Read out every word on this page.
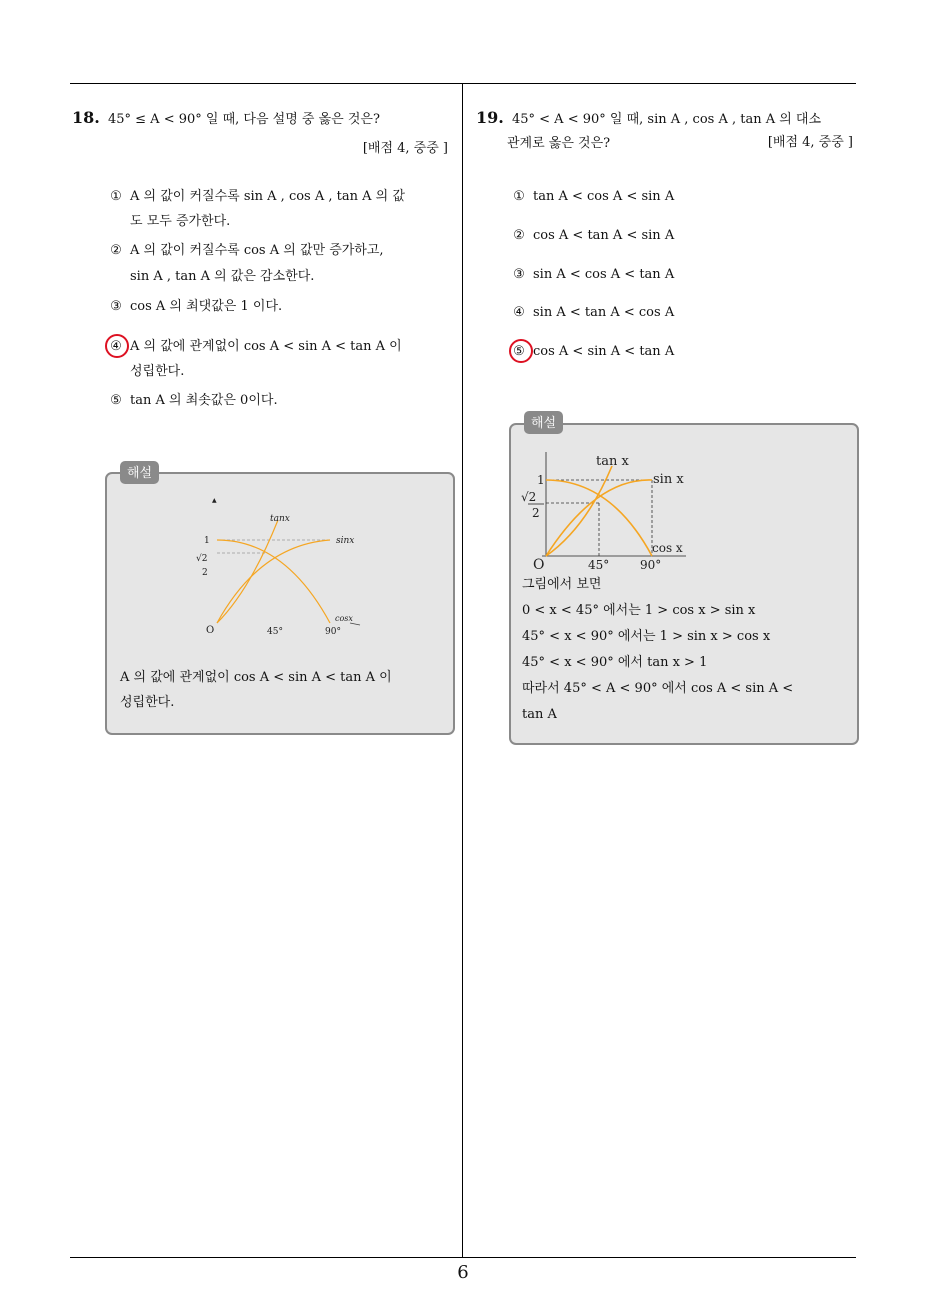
18. 45° ≤ A < 90° 일 때, 다음 설명 중 옳은 것은?
[배점 4, 중중 ]
① A 의 값이 커질수록 sin A , cos A , tan A 의 값
도 모두 증가한다.
② A 의 값이 커질수록 cos A 의 값만 증가하고,
sin A , tan A 의 값은 감소한다.
③ cos A 의 최댓값은 1 이다.
④ A 의 값에 관계없이 cos A < sin A < tan A 이
성립한다.
⑤ tan A 의 최솟값은 0이다.
해설
▲
tanx
sinx
cosx
1
√2
2
O	45°	90°
A 의 값에 관계없이 cos A < sin A < tan A 이
성립한다.
19. 45° < A < 90° 일 때, sin A , cos A , tan A 의 대소
관계로 옳은 것은?	[배점 4, 중중 ]
① tan A < cos A < sin A
② cos A < tan A < sin A
③ sin A < cos A < tan A
④ sin A < tan A < cos A
⑤ cos A < sin A < tan A
해설
tan x
sin x
cos x
1
√2
2
O	45°	90°
그림에서 보면
0 < x < 45° 에서는 1 > cos x > sin x
45° < x < 90° 에서는 1 > sin x > cos x
45° < x < 90° 에서 tan x > 1
따라서 45° < A < 90° 에서 cos A < sin A <
tan A
6
